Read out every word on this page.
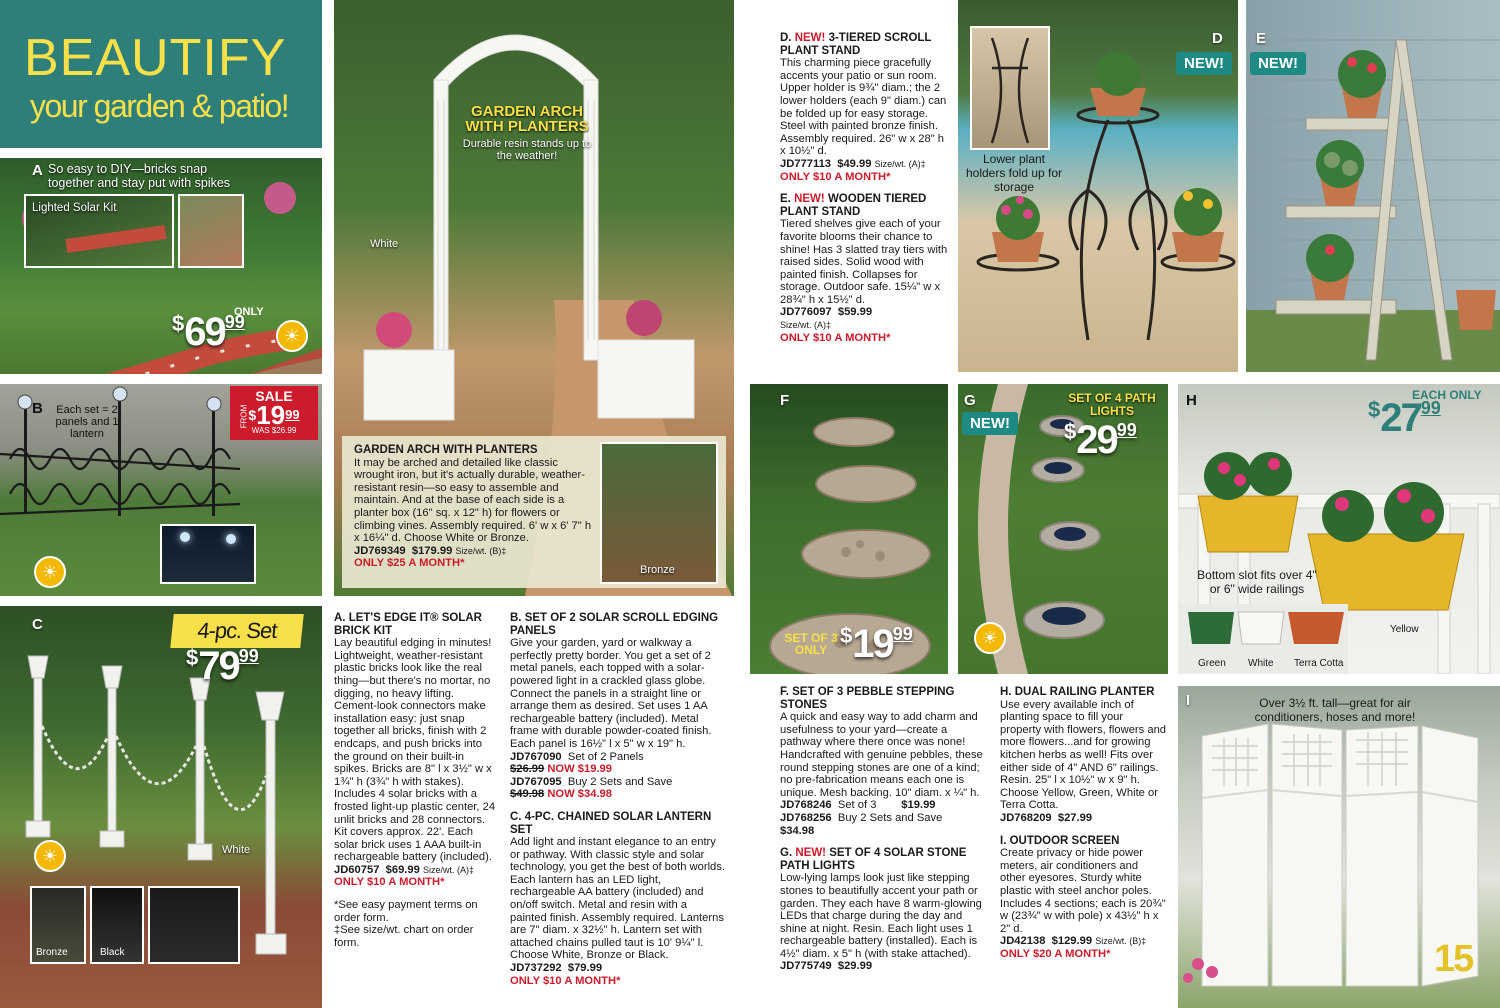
BEAUTIFY
your garden & patio!
A So easy to DIY—bricks snap together and stay put with spikes
Lighted Solar Kit
ONLY
$6999
☀
B	Each set = 2 panels and 1 lantern
SALE
$^{\$}19^{99}$
WAS $26.99
FROM
☀
C	4-pc. Set
$7999
White
☀
Bronze	Black
GARDEN ARCH WITH PLANTERS
Durable resin stands up to the weather!
White
GARDEN ARCH WITH PLANTERS

It may be arched and detailed like classic wrought iron, but it's actually durable, weather-resistant resin—so easy to assemble and maintain. And at the base of each side is a planter box (16" sq. x 12" h) for flowers or climbing vines. Assembly required. 6' w x 6' 7" h x 16¼" d. Choose White or Bronze.

JD769349 $179.99 Size/wt. (B)‡

ONLY $25 A MONTH*

Bronze
A. LET'S EDGE IT® SOLAR BRICK KIT

Lay beautiful edging in minutes! Lightweight, weather-resistant plastic bricks look like the real thing—but there's no mortar, no digging, no heavy lifting. Cement-look connectors make installation easy: just snap together all bricks, finish with 2 endcaps, and push bricks into the ground on their built-in spikes. Bricks are 8" l x 3½" w x 1¾" h (3¾" h with stakes). Includes 4 solar bricks with a frosted light-up plastic center, 24 unlit bricks and 28 connectors. Kit covers approx. 22'. Each solar brick uses 1 AAA built-in rechargeable battery (included).

JD60757 $69.99 Size/wt. (A)‡

ONLY $10 A MONTH*

*See easy payment terms on order form.

‡See size/wt. chart on order form.

B. SET OF 2 SOLAR SCROLL EDGING PANELS

Give your garden, yard or walkway a perfectly pretty border. You get a set of 2 metal panels, each topped with a solar-powered light in a crackled glass globe. Connect the panels in a straight line or arrange them as desired. Set uses 1 AA rechargeable battery (included). Metal frame with durable powder-coated finish. Each panel is 16½" l x 5" w x 19" h.

JD767090 Set of 2 Panels

$26.99 NOW $19.99

JD767095 Buy 2 Sets and Save

$49.98 NOW $34.98

C. 4-PC. CHAINED SOLAR LANTERN SET

Add light and instant elegance to an entry or pathway. With classic style and solar technology, you get the best of both worlds. Each lantern has an LED light, rechargeable AA battery (included) and on/off switch. Metal and resin with a painted finish. Assembly required. Lanterns are 7" diam. x 32½" h. Lantern set with attached chains pulled taut is 10' 9¼" l. Choose White, Bronze or Black.

JD737292 $79.99

ONLY $10 A MONTH*

D. NEW! 3-TIERED SCROLL PLANT STAND

This charming piece gracefully accents your patio or sun room. Upper holder is 9¾" diam.; the 2 lower holders (each 9" diam.) can be folded up for easy storage. Steel with painted bronze finish. Assembly required. 26" w x 28" h x 10½" d.

JD777113 $49.99 Size/wt. (A)‡

ONLY $10 A MONTH*

E. NEW! WOODEN TIERED PLANT STAND

Tiered shelves give each of your favorite blooms their chance to shine! Has 3 slatted tray tiers with raised sides. Solid wood with painted finish. Collapses for storage. Outdoor safe. 15¼" w x 28¾" h x 15½" d.

JD776097 $59.99

Size/wt. (A)‡

ONLY $10 A MONTH*

Lower plant holders fold up for storage
D
NEW!
E
NEW!
F
SET OF 3 ONLY
$1999
G
NEW!
SET OF 4 PATH LIGHTS
$2999
☀
H	EACH ONLY
$2799
Bottom slot fits over 4" or 6" wide railings
Green White Terra Cotta
Yellow
F. SET OF 3 PEBBLE STEPPING STONES

A quick and easy way to add charm and usefulness to your yard—create a pathway where there once was none! Handcrafted with genuine pebbles, these round stepping stones are one of a kind; no pre-fabrication means each one is unique. Mesh backing. 10" diam. x ¼" h.

JD768246 Set of 3 $19.99

JD768256 Buy 2 Sets and Save

$34.98

G. NEW! SET OF 4 SOLAR STONE PATH LIGHTS

Low-lying lamps look just like stepping stones to beautifully accent your path or garden. They each have 8 warm-glowing LEDs that charge during the day and shine at night. Resin. Each light uses 1 rechargeable battery (installed). Each is 4½" diam. x 5" h (with stake attached).

JD775749 $29.99

H. DUAL RAILING PLANTER

Use every available inch of planting space to fill your property with flowers, flowers and more flowers...and for growing kitchen herbs as well! Fits over either side of 4" AND 6" railings. Resin. 25" l x 10½" w x 9" h. Choose Yellow, Green, White or Terra Cotta.

JD768209 $27.99

I. OUTDOOR SCREEN

Create privacy or hide power meters, air conditioners and other eyesores. Sturdy white plastic with steel anchor poles. Includes 4 sections; each is 20¾" w (23¾" w with pole) x 43½" h x 2" d.

JD42138 $129.99 Size/wt. (B)‡

ONLY $20 A MONTH*

I	Over 3½ ft. tall—great for air conditioners, hoses and more!
15
